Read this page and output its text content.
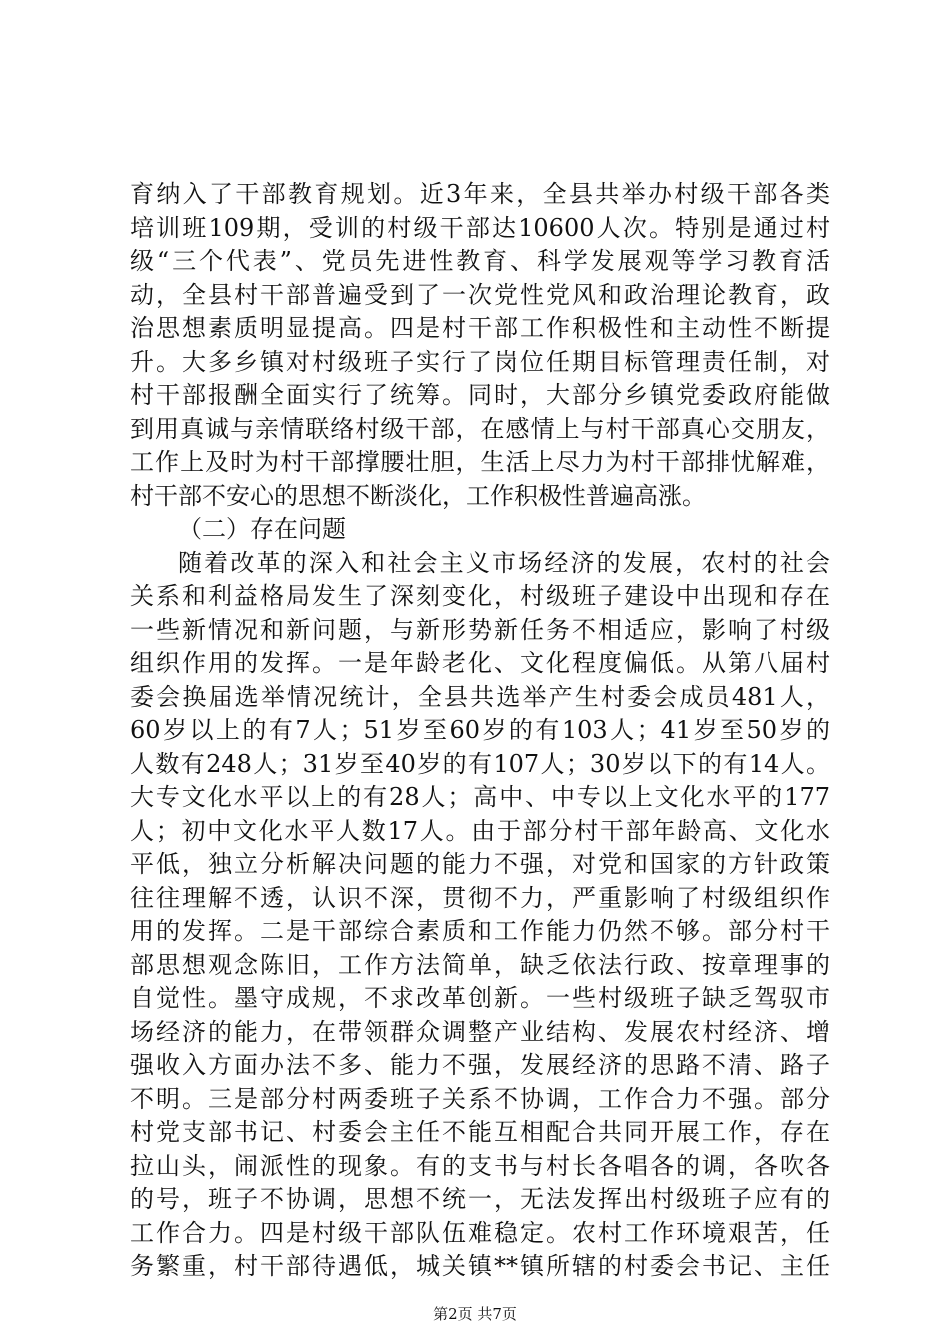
育纳入了干部教育规划。近3年来，全县共举办村级干部各类
培训班109期，受训的村级干部达10600人次。特别是通过村
级“三个代表”、党员先进性教育、科学发展观等学习教育活
动，全县村干部普遍受到了一次党性党风和政治理论教育，政
治思想素质明显提高。四是村干部工作积极性和主动性不断提
升。大多乡镇对村级班子实行了岗位任期目标管理责任制，对
村干部报酬全面实行了统筹。同时，大部分乡镇党委政府能做
到用真诚与亲情联络村级干部，在感情上与村干部真心交朋友，
工作上及时为村干部撑腰壮胆，生活上尽力为村干部排忧解难，
村干部不安心的思想不断淡化，工作积极性普遍高涨。
（二）存在问题
随着改革的深入和社会主义市场经济的发展，农村的社会
关系和利益格局发生了深刻变化，村级班子建设中出现和存在
一些新情况和新问题，与新形势新任务不相适应，影响了村级
组织作用的发挥。一是年龄老化、文化程度偏低。从第八届村
委会换届选举情况统计，全县共选举产生村委会成员481人，
60岁以上的有7人；51岁至60岁的有103人；41岁至50岁的
人数有248人；31岁至40岁的有107人；30岁以下的有14人。
大专文化水平以上的有28人；高中、中专以上文化水平的177
人；初中文化水平人数17人。由于部分村干部年龄高、文化水
平低，独立分析解决问题的能力不强，对党和国家的方针政策
往往理解不透，认识不深，贯彻不力，严重影响了村级组织作
用的发挥。二是干部综合素质和工作能力仍然不够。部分村干
部思想观念陈旧，工作方法简单，缺乏依法行政、按章理事的
自觉性。墨守成规，不求改革创新。一些村级班子缺乏驾驭市
场经济的能力，在带领群众调整产业结构、发展农村经济、增
强收入方面办法不多、能力不强，发展经济的思路不清、路子
不明。三是部分村两委班子关系不协调，工作合力不强。部分
村党支部书记、村委会主任不能互相配合共同开展工作，存在
拉山头，闹派性的现象。有的支书与村长各唱各的调，各吹各
的号，班子不协调，思想不统一，无法发挥出村级班子应有的
工作合力。四是村级干部队伍难稳定。农村工作环境艰苦，任
务繁重，村干部待遇低，城关镇**镇所辖的村委会书记、主任
第2页 共7页
